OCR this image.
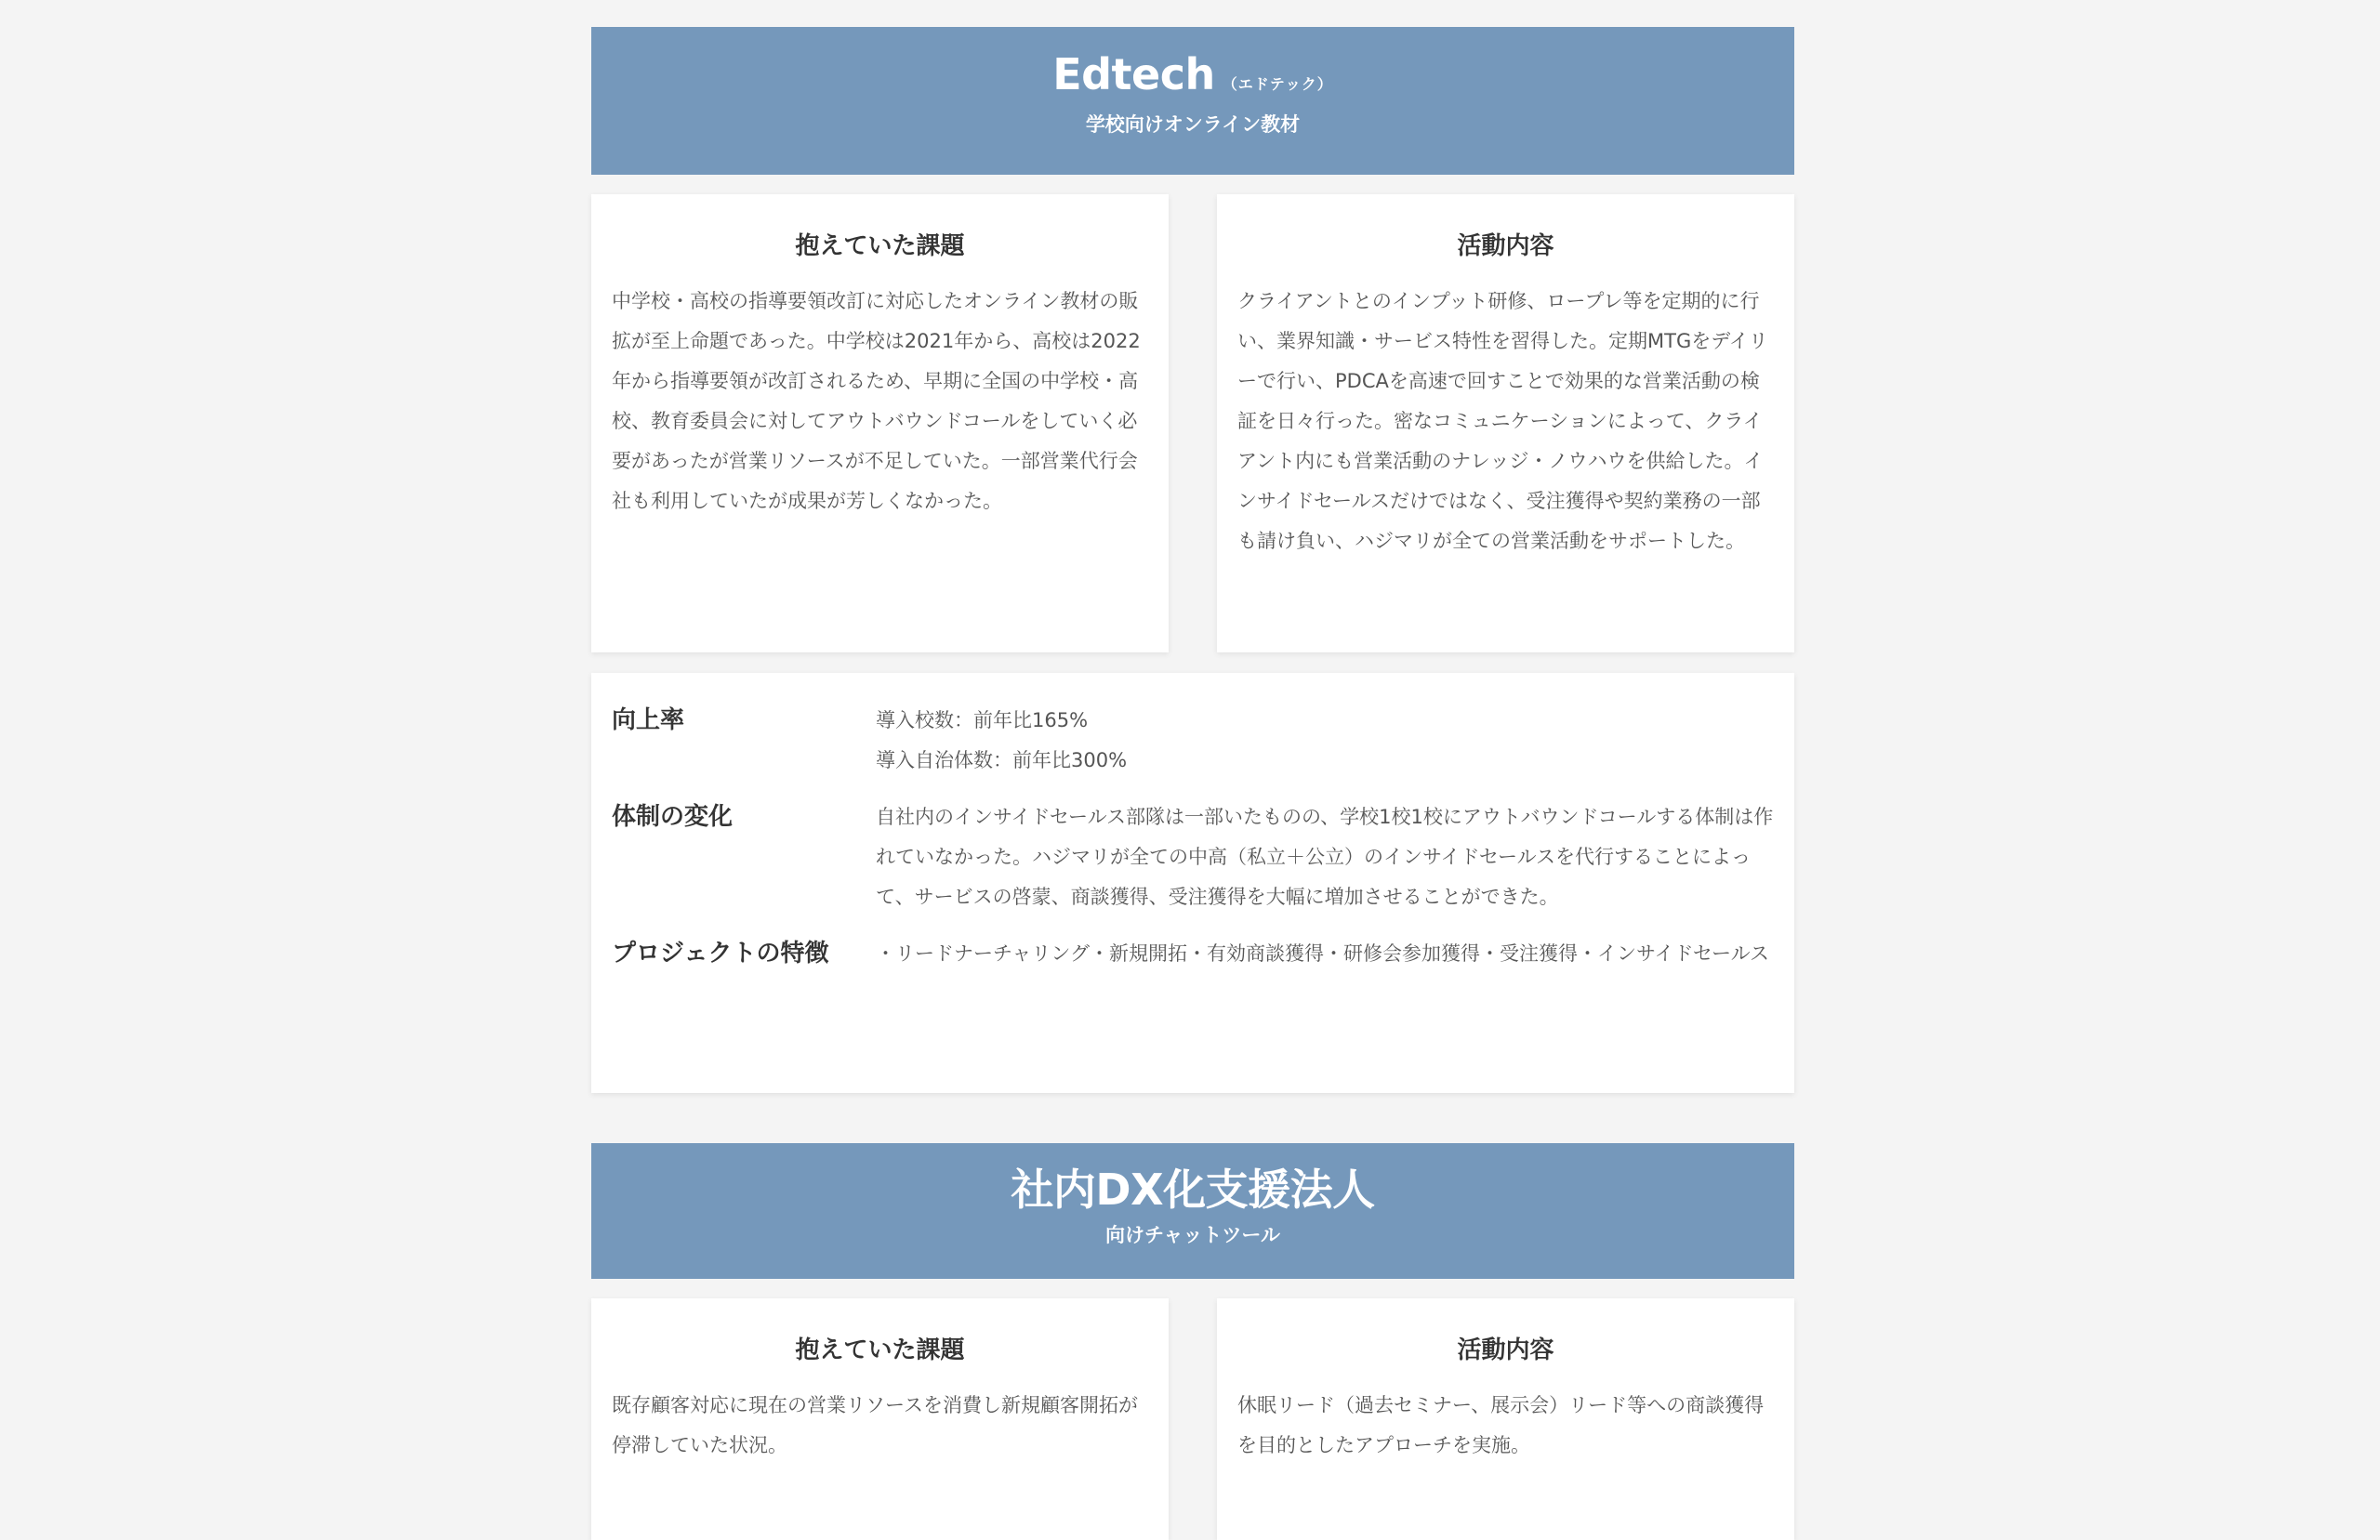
Edtech （エドテック）
学校向けオンライン教材
抱えていた課題

中学校・高校の指導要領改訂に対応したオンライン教材の販拡が至上命題であった。中学校は2021年から、高校は2022年から指導要領が改訂されるため、早期に全国の中学校・高校、教育委員会に対してアウトバウンドコールをしていく必要があったが営業リソースが不足していた。一部営業代行会社も利用していたが成果が芳しくなかった。

活動内容

クライアントとのインプット研修、ロープレ等を定期的に行い、業界知識・サービス特性を習得した。定期MTGをデイリーで行い、PDCAを高速で回すことで効果的な営業活動の検証を日々行った。密なコミュニケーションによって、クライアント内にも営業活動のナレッジ・ノウハウを供給した。インサイドセールスだけではなく、受注獲得や契約業務の一部も請け負い、ハジマリが全ての営業活動をサポートした。

向上率	導入校数：前年比165%
導入自治体数：前年比300%
体制の変化	自社内のインサイドセールス部隊は一部いたものの、学校1校1校にアウトバウンドコールする体制は作れていなかった。ハジマリが全ての中高（私立＋公立）のインサイドセールスを代行することによって、サービスの啓蒙、商談獲得、受注獲得を大幅に増加させることができた。
プロジェクトの特徴	・リードナーチャリング・新規開拓・有効商談獲得・研修会参加獲得・受注獲得・インサイドセールス
社内DX化支援法人
向けチャットツール
抱えていた課題

既存顧客対応に現在の営業リソースを消費し新規顧客開拓が停滞していた状況。

活動内容

休眠リード（過去セミナー、展示会）リード等への商談獲得を目的としたアプローチを実施。
